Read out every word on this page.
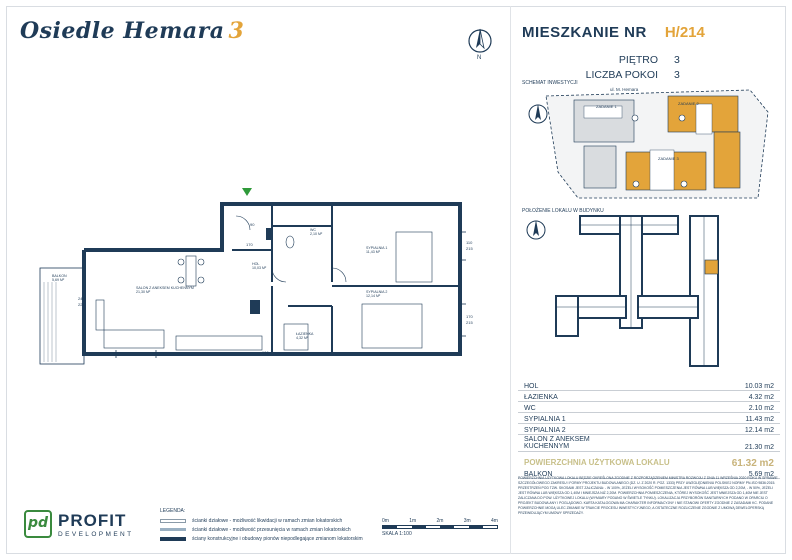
Osiedle Hemara 3
N
MIESZKANIE NR H/214
PIĘTRO	3
LICZBA POKOI	3
SCHEMAT INWESTYCJI
ul. M. Hemara
ZADANIE 1
ZADANIE 2
ZADANIE 3
POŁOŻENIE LOKALU W BUDYNKU
HOL	10.03 m2
ŁAZIENKA	4.32 m2
WC	2.10 m2
SYPIALNIA 1	11.43 m2
SYPIALNIA 2	12.14 m2
SALON Z ANEKSEM KUCHENNYM	21.30 m2
POWIERZCHNIA UŻYTKOWA LOKALU	61.32 m2
BALKON	5.69 m2
POWIERZCHNIA UŻYTKOWA LOKALU BĘDZIE OKREŚLONA ZGODNIE Z ROZPORZĄDZENIEM MINISTRA ROZWOJU Z DNIA 11 WRZEŚNIA 2020 ROKU W SPRAWIE SZCZEGÓŁOWEGO ZAKRESU I FORMY PROJEKTU BUDOWLANEGO (DZ. U. Z 2020 R. POZ. 1333) PRZY UWZGLĘDNIENIU POLSKIEJ NORMY PN-ISO 9836:2015. PRZESTRZEŃ POD TZW. SKOSAMI JEST ZALICZANA: - W 100%, JEŻELI WYSOKOŚĆ POMIESZCZENIA JEST RÓWNA LUB WIĘKSZA OD 2,20M, - W 50%, JEŻELI JEST RÓWNA LUB WIĘKSZA OD 1,40M I MNIEJSZA NIŻ 2,20M. POWIERZCHNIA POMIESZCZENIA, KTÓREJ WYSOKOŚĆ JEST MNIEJSZA OD 1,40M NIE JEST ZALICZANA DO POW. UŻYTKOWEJ LOKALU (WYMIARY PODANO W ŚWIETLE TYNKU). LOKALIZACJA PRZYBORÓW SANITARNYCH PODANO W OPARCIU O PROJEKT BUDOWLANY I POGLĄDOWO. KARTA KATALOGOWA MA CHARAKTER INFORMACYJNY I NIE STANOWI OFERTY ZGODNIE Z ZASADAMI KC. PODANE POWIERZCHNIE MOGĄ ULEC ZMIANIE W TRAKCIE PROCESU INWESTYCYJNEGO, A OSTATECZNE ROZLICZENIE ZGODNIE Z UMOWĄ DEWELOPERSKĄ PRZEWIDUJĄCYM UMOWY SPRZEDAŻY.
BALKON
5,69 M²
SALON Z ANEKSEM KUCHENNYM
21,30 M²
HOL
10,03 M²
WC
2,10 M²
SYPIALNIA 1
11,43 M²
SYPIALNIA 2
12,14 M²
ŁAZIENKA
4,32 M²
240
225
110
215
170
215
90
170
100
pd PROFIT
DEVELOPMENT
LEGENDA:
ścianki działowe - możliwość likwidacji w ramach zmian lokatorskich
ścianki działowe - możliwość przesunięcia w ramach zmian lokatorskich
ściany konstrukcyjne i obudowy pionów niepodlegające zmianom lokatorskim
0m	1m	2m	3m	4m
SKALA 1:100
